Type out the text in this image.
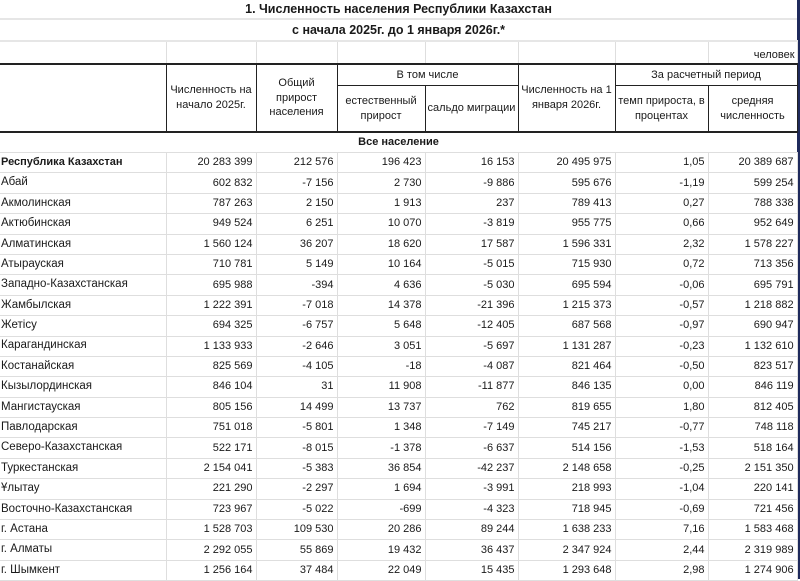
1. Численность населения Республики Казахстан							
с начала 2025г. до 1 января 2026г.*							
							человек
	Численность на начало 2025г.	Общий прирост населения	В том числе		Численность на 1 января 2026г.	За расчетный период	
			естественный прирост	сальдо миграции		темп прироста, в процентах	средняя численность
Все население							
Республика Казахстан	20 283 399	212 576	196 423	16 153	20 495 975	1,05	20 389 687
Абай	602 832	-7 156	2 730	-9 886	595 676	-1,19	599 254
Акмолинская	787 263	2 150	1 913	237	789 413	0,27	788 338
Актюбинская	949 524	6 251	10 070	-3 819	955 775	0,66	952 649
Алматинская	1 560 124	36 207	18 620	17 587	1 596 331	2,32	1 578 227
Атырауская	710 781	5 149	10 164	-5 015	715 930	0,72	713 356
Западно-Казахстанская	695 988	-394	4 636	-5 030	695 594	-0,06	695 791
Жамбылская	1 222 391	-7 018	14 378	-21 396	1 215 373	-0,57	1 218 882
Жетісу	694 325	-6 757	5 648	-12 405	687 568	-0,97	690 947
Карагандинская	1 133 933	-2 646	3 051	-5 697	1 131 287	-0,23	1 132 610
Костанайская	825 569	-4 105	-18	-4 087	821 464	-0,50	823 517
Кызылординская	846 104	31	11 908	-11 877	846 135	0,00	846 119
Мангистауская	805 156	14 499	13 737	762	819 655	1,80	812 405
Павлодарская	751 018	-5 801	1 348	-7 149	745 217	-0,77	748 118
Северо-Казахстанская	522 171	-8 015	-1 378	-6 637	514 156	-1,53	518 164
Туркестанская	2 154 041	-5 383	36 854	-42 237	2 148 658	-0,25	2 151 350
Ұлытау	221 290	-2 297	1 694	-3 991	218 993	-1,04	220 141
Восточно-Казахстанская	723 967	-5 022	-699	-4 323	718 945	-0,69	721 456
г. Астана	1 528 703	109 530	20 286	89 244	1 638 233	7,16	1 583 468
г. Алматы	2 292 055	55 869	19 432	36 437	2 347 924	2,44	2 319 989
г. Шымкент	1 256 164	37 484	22 049	15 435	1 293 648	2,98	1 274 906
